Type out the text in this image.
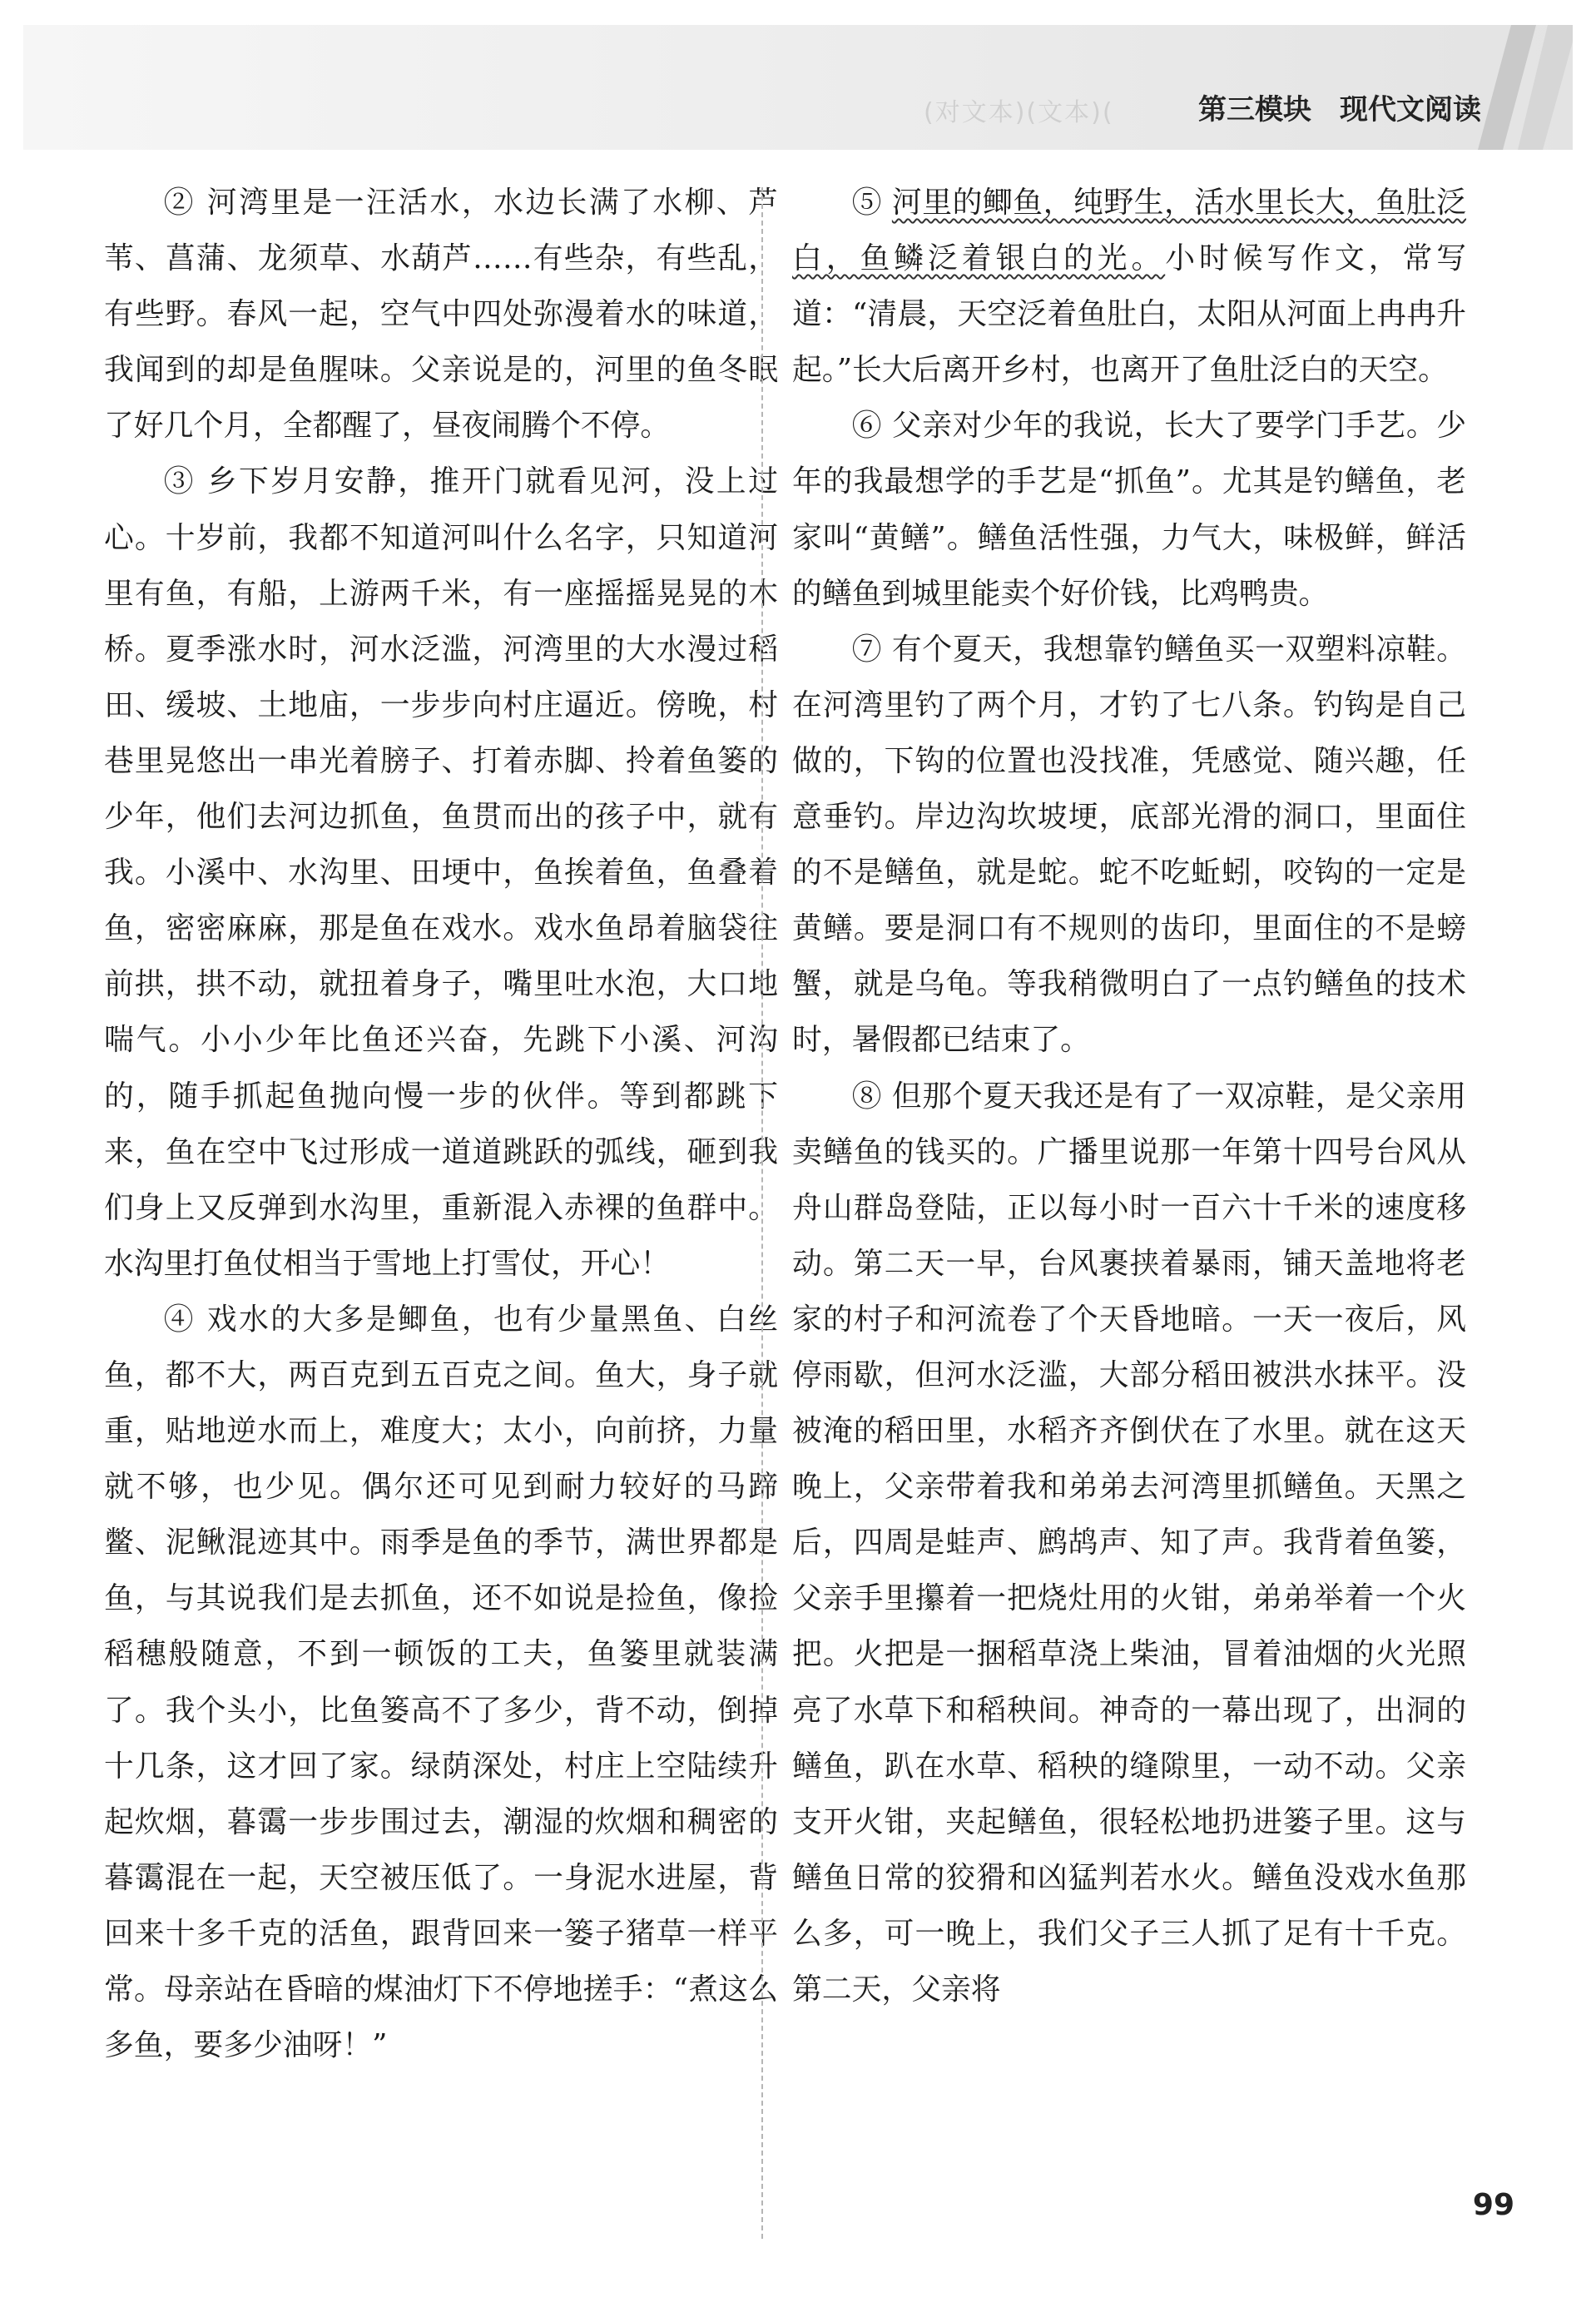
(对文本)(文本)(	第三模块 现代文阅读

② 河湾里是一汪活水，水边长满了水柳、芦苇、菖蒲、龙须草、水葫芦……有些杂，有些乱，有些野。春风一起，空气中四处弥漫着水的味道，我闻到的却是鱼腥味。父亲说是的，河里的鱼冬眠了好几个月，全都醒了，昼夜闹腾个不停。

③ 乡下岁月安静，推开门就看见河，没上过心。十岁前，我都不知道河叫什么名字，只知道河里有鱼，有船，上游两千米，有一座摇摇晃晃的木桥。夏季涨水时，河水泛滥，河湾里的大水漫过稻田、缓坡、土地庙，一步步向村庄逼近。傍晚，村巷里晃悠出一串光着膀子、打着赤脚、拎着鱼篓的少年，他们去河边抓鱼，鱼贯而出的孩子中，就有我。小溪中、水沟里、田埂中，鱼挨着鱼，鱼叠着鱼，密密麻麻，那是鱼在戏水。戏水鱼昂着脑袋往前拱，拱不动，就扭着身子，嘴里吐水泡，大口地喘气。小小少年比鱼还兴奋，先跳下小溪、河沟的，随手抓起鱼抛向慢一步的伙伴。等到都跳下来，鱼在空中飞过形成一道道跳跃的弧线，砸到我们身上又反弹到水沟里，重新混入赤裸的鱼群中。水沟里打鱼仗相当于雪地上打雪仗，开心！

④ 戏水的大多是鲫鱼，也有少量黑鱼、白丝鱼，都不大，两百克到五百克之间。鱼大，身子就重，贴地逆水而上，难度大；太小，向前挤，力量就不够，也少见。偶尔还可见到耐力较好的马蹄鳖、泥鳅混迹其中。雨季是鱼的季节，满世界都是鱼，与其说我们是去抓鱼，还不如说是捡鱼，像捡稻穗般随意，不到一顿饭的工夫，鱼篓里就装满了。我个头小，比鱼篓高不了多少，背不动，倒掉十几条，这才回了家。绿荫深处，村庄上空陆续升起炊烟，暮霭一步步围过去，潮湿的炊烟和稠密的暮霭混在一起，天空被压低了。一身泥水进屋，背回来十多千克的活鱼，跟背回来一篓子猪草一样平常。母亲站在昏暗的煤油灯下不停地搓手：“煮这么多鱼，要多少油呀！”

⑤ 河里的鲫鱼，纯野生，活水里长大，鱼肚泛白，鱼鳞泛着银白的光。小时候写作文，常写道：“清晨，天空泛着鱼肚白，太阳从河面上冉冉升起。”长大后离开乡村，也离开了鱼肚泛白的天空。

⑥ 父亲对少年的我说，长大了要学门手艺。少年的我最想学的手艺是“抓鱼”。尤其是钓鳝鱼，老家叫“黄鳝”。鳝鱼活性强，力气大，味极鲜，鲜活的鳝鱼到城里能卖个好价钱，比鸡鸭贵。

⑦ 有个夏天，我想靠钓鳝鱼买一双塑料凉鞋。在河湾里钓了两个月，才钓了七八条。钓钩是自己做的，下钩的位置也没找准，凭感觉、随兴趣，任意垂钓。岸边沟坎坡埂，底部光滑的洞口，里面住的不是鳝鱼，就是蛇。蛇不吃蚯蚓，咬钩的一定是黄鳝。要是洞口有不规则的齿印，里面住的不是螃蟹，就是乌龟。等我稍微明白了一点钓鳝鱼的技术时，暑假都已结束了。

⑧ 但那个夏天我还是有了一双凉鞋，是父亲用卖鳝鱼的钱买的。广播里说那一年第十四号台风从舟山群岛登陆，正以每小时一百六十千米的速度移动。第二天一早，台风裹挟着暴雨，铺天盖地将老家的村子和河流卷了个天昏地暗。一天一夜后，风停雨歇，但河水泛滥，大部分稻田被洪水抹平。没被淹的稻田里，水稻齐齐倒伏在了水里。就在这天晚上，父亲带着我和弟弟去河湾里抓鳝鱼。天黑之后，四周是蛙声、鹧鸪声、知了声。我背着鱼篓，父亲手里攥着一把烧灶用的火钳，弟弟举着一个火把。火把是一捆稻草浇上柴油，冒着油烟的火光照亮了水草下和稻秧间。神奇的一幕出现了，出洞的鳝鱼，趴在水草、稻秧的缝隙里，一动不动。父亲支开火钳，夹起鳝鱼，很轻松地扔进篓子里。这与鳝鱼日常的狡猾和凶猛判若水火。鳝鱼没戏水鱼那么多，可一晚上，我们父子三人抓了足有十千克。第二天，父亲将

99
